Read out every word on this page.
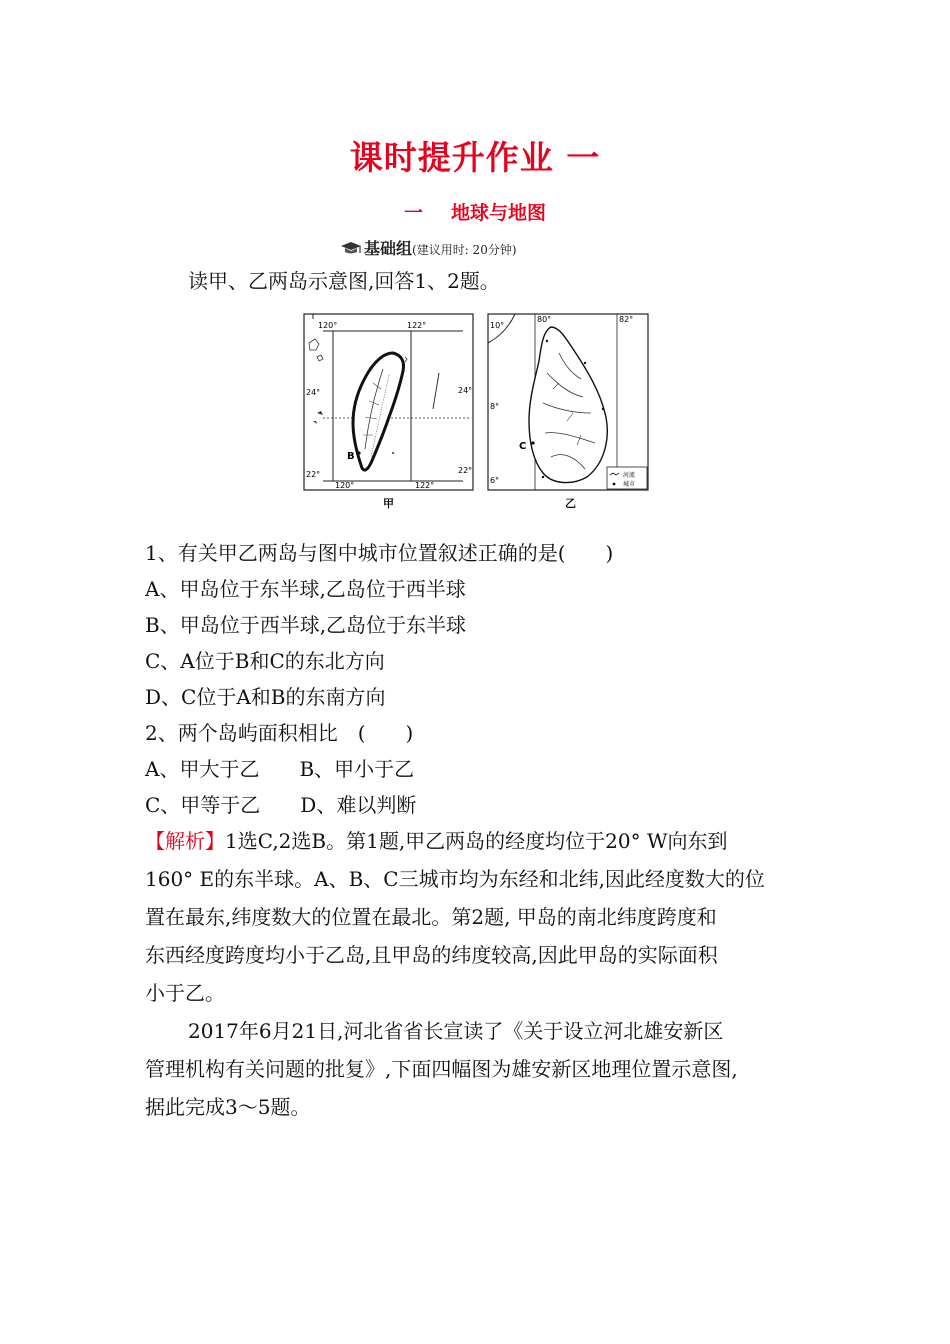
课时提升作业 一
一 地球与地图
基础组(建议用时: 20分钟)
读甲、乙两岛示意图,回答1、2题。
120°	122°
24°	24°
22°	22°
120°	122°
B
甲
10°
80°	82°
8°
6°
C
河流
城市
乙
1、有关甲乙两岛与图中城市位置叙述正确的是(　　)
A、甲岛位于东半球,乙岛位于西半球
B、甲岛位于西半球,乙岛位于东半球
C、A位于B和C的东北方向
D、C位于A和B的东南方向
2、两个岛屿面积相比　(　　)
A、甲大于乙　　B、甲小于乙
C、甲等于乙　　D、难以判断
【解析】1选C,2选B。第1题,甲乙两岛的经度均位于20° W向东到
160° E的东半球。A、B、C三城市均为东经和北纬,因此经度数大的位
置在最东,纬度数大的位置在最北。第2题, 甲岛的南北纬度跨度和
东西经度跨度均小于乙岛,且甲岛的纬度较高,因此甲岛的实际面积
小于乙。
2017年6月21日,河北省省长宣读了《关于设立河北雄安新区
管理机构有关问题的批复》,下面四幅图为雄安新区地理位置示意图,
据此完成3～5题。
